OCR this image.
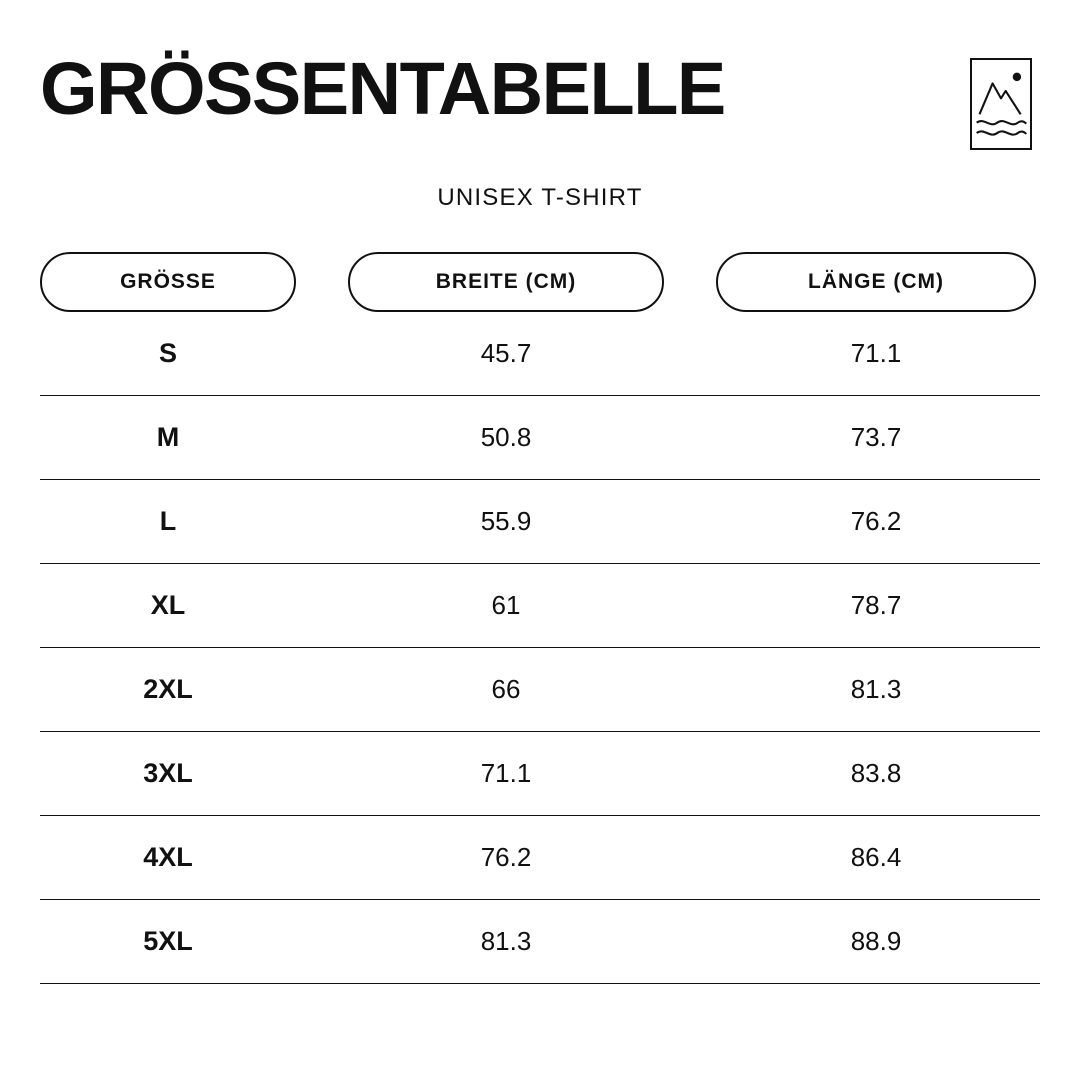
GRÖSSENTABELLE
UNISEX T-SHIRT
GRÖSSE	BREITE (CM)	LÄNGE (CM)
S	45.7	71.1
M	50.8	73.7
L	55.9	76.2
XL	61	78.7
2XL	66	81.3
3XL	71.1	83.8
4XL	76.2	86.4
5XL	81.3	88.9
